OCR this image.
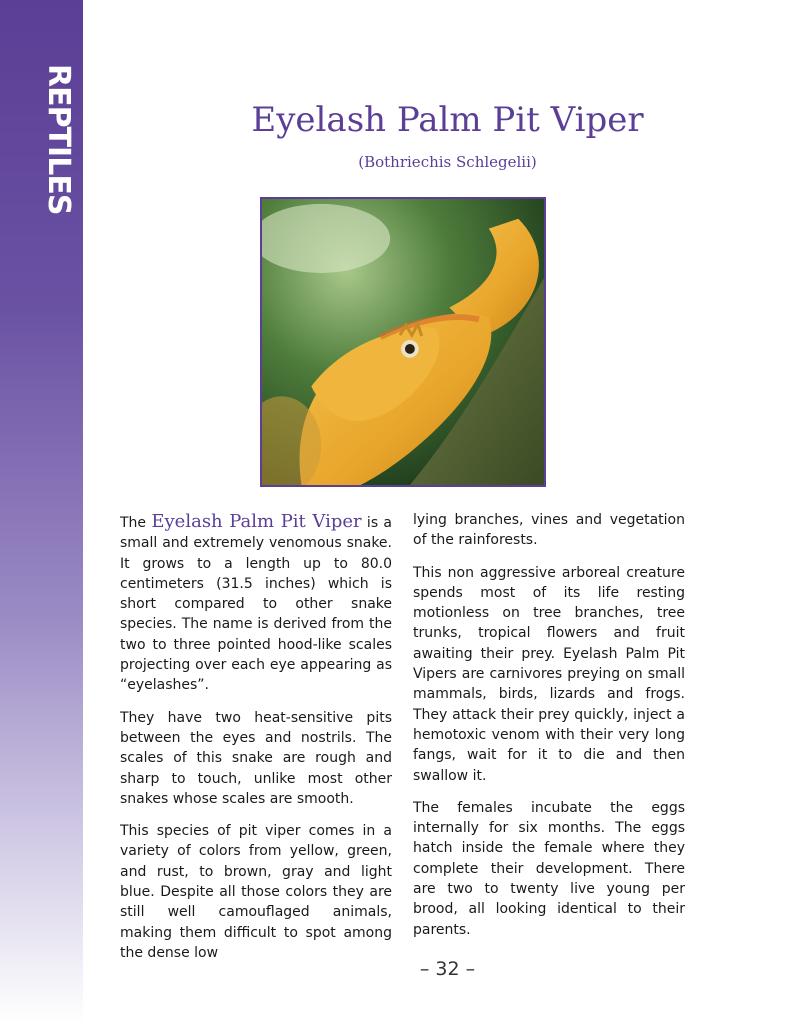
REPTILES	Eyelash Palm Pit Viper
(Bothriechis Schlegelii)

The Eyelash Palm Pit Viper is a small and extremely venomous snake. It grows to a length up to 80.0 centimeters (31.5 inches) which is short compared to other snake species. The name is derived from the two to three pointed hood-like scales projecting over each eye appearing as “eyelashes”.

They have two heat-sensitive pits between the eyes and nostrils. The scales of this snake are rough and sharp to touch, unlike most other snakes whose scales are smooth.

This species of pit viper comes in a variety of colors from yellow, green, and rust, to brown, gray and light blue. Despite all those colors they are still well camouflaged animals, making them difficult to spot among the dense low

lying branches, vines and vegetation of the rainforests.

This non aggressive arboreal creature spends most of its life resting motionless on tree branches, tree trunks, tropical flowers and fruit awaiting their prey. Eyelash Palm Pit Vipers are carnivores preying on small mammals, birds, lizards and frogs. They attack their prey quickly, inject a hemotoxic venom with their very long fangs, wait for it to die and then swallow it.

The females incubate the eggs internally for six months. The eggs hatch inside the female where they complete their development. There are two to twenty live young per brood, all looking identical to their parents.

– 32 –
